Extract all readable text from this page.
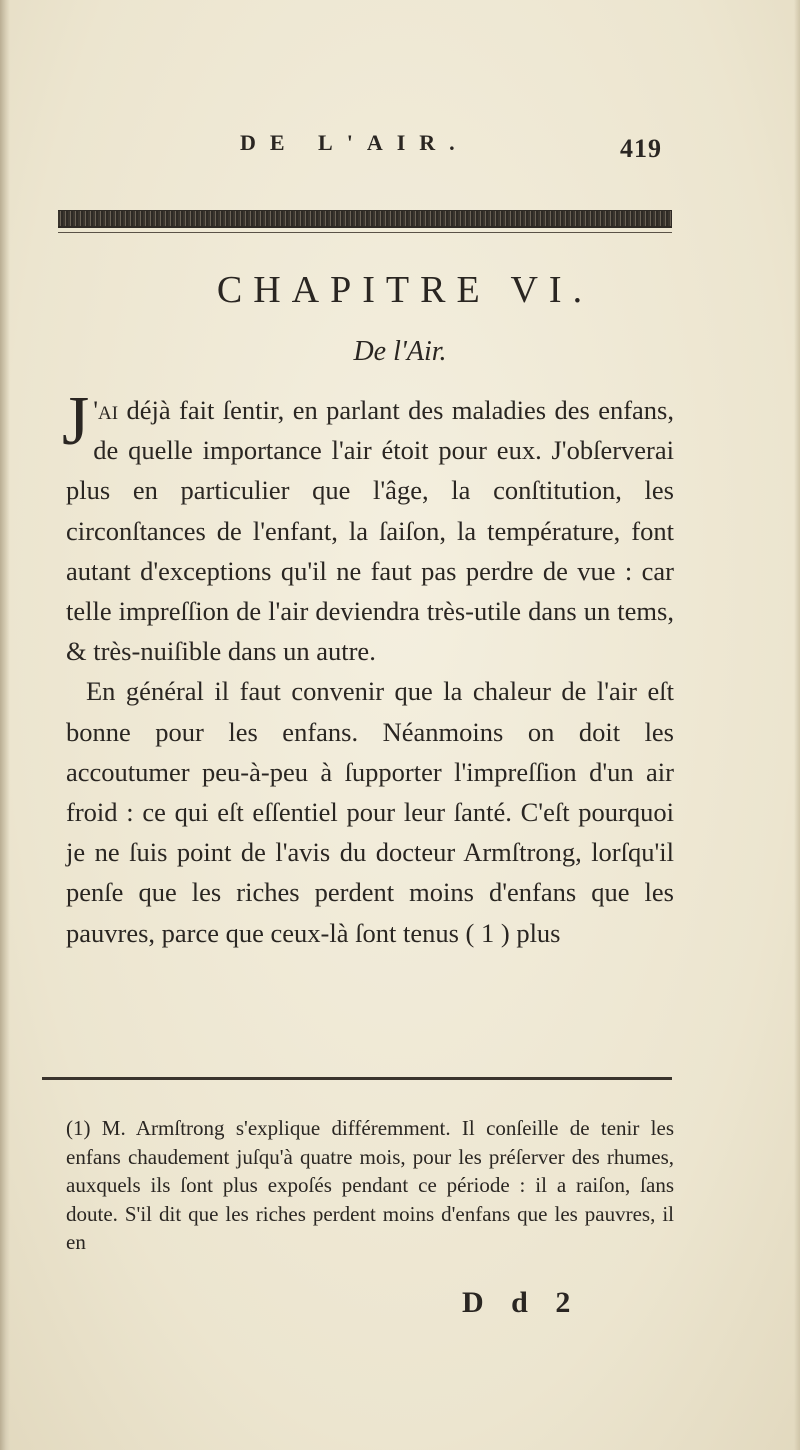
DE L'AIR.	419
CHAPITRE VI.
De l'Air.

J 'ai déjà fait ſentir, en parlant des maladies des enfans, de quelle importance l'air étoit pour eux. J'obſerverai plus en particulier que l'âge, la conſtitution, les circonſtances de l'enfant, la ſaiſon, la température, font autant d'exceptions qu'il ne faut pas perdre de vue : car telle impreſſion de l'air deviendra très-utile dans un tems, & très-nuiſible dans un autre.

En général il faut convenir que la chaleur de l'air eſt bonne pour les enfans. Néanmoins on doit les accoutumer peu-à-peu à ſupporter l'impreſſion d'un air froid : ce qui eſt eſſentiel pour leur ſanté. C'eſt pourquoi je ne ſuis point de l'avis du docteur Armſtrong, lorſqu'il penſe que les riches perdent moins d'enfans que les pauvres, parce que ceux-là ſont tenus ( 1 ) plus

(1) M. Armſtrong s'explique différemment. Il conſeille de tenir les enfans chaudement juſqu'à quatre mois, pour les préſerver des rhumes, auxquels ils ſont plus expoſés pendant ce période : il a raiſon, ſans doute. S'il dit que les riches perdent moins d'enfans que les pauvres, il en

D d 2
